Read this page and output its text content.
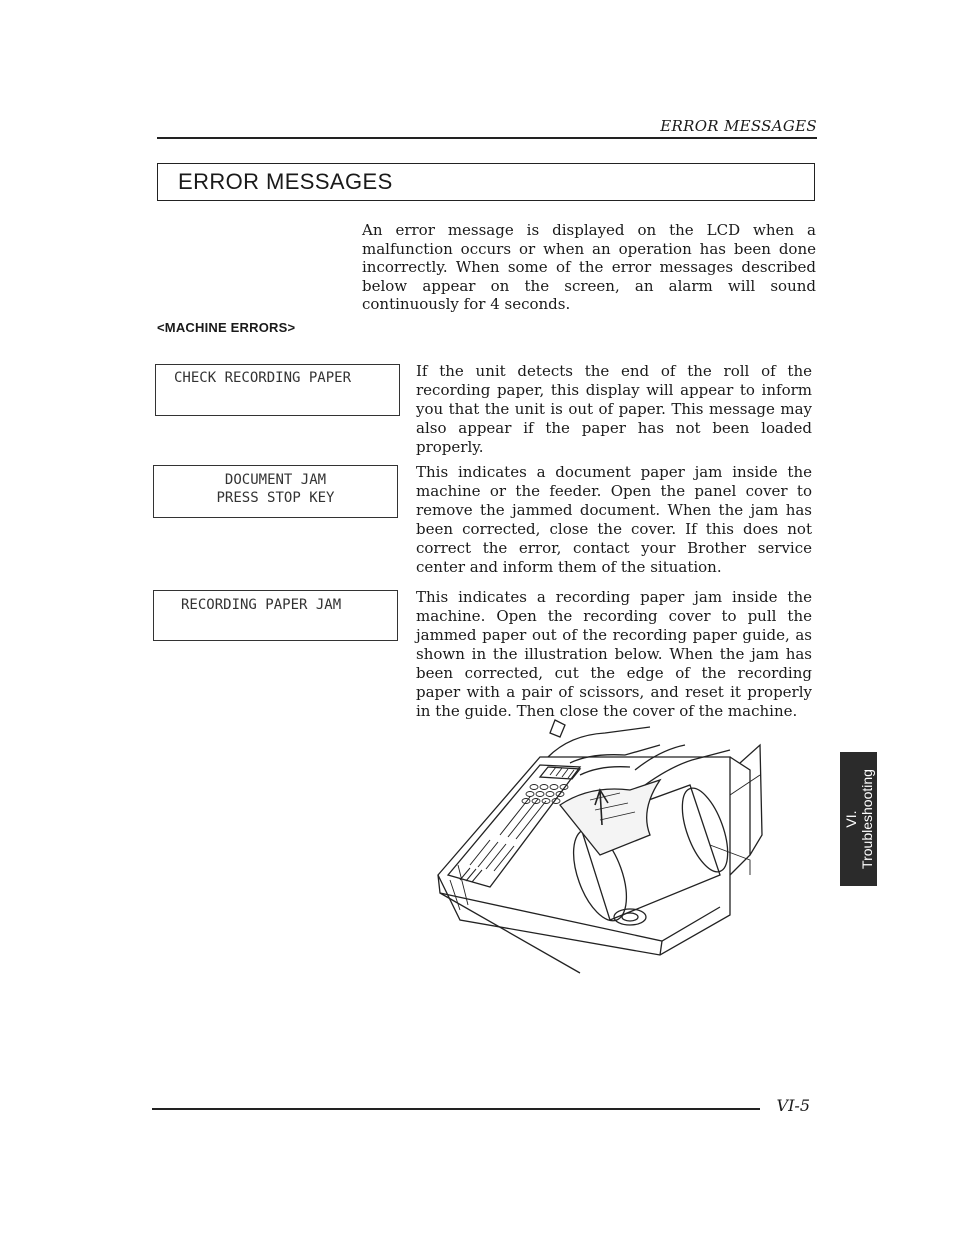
ERROR MESSAGES
ERROR MESSAGES
An error message is displayed on the LCD when a malfunction occurs or when an operation has been done incorrectly. When some of the error messages described below appear on the screen, an alarm will sound continuously for 4 seconds.
<MACHINE ERRORS>
CHECK RECORDING PAPER	If the unit detects the end of the roll of the recording paper, this display will appear to inform you that the unit is out of paper. This message may also appear if the paper has not been loaded properly.
DOCUMENT JAM
PRESS STOP KEY
This indicates a document paper jam inside the machine or the feeder. Open the panel cover to remove the jammed document. When the jam has been corrected, close the cover. If this does not correct the error, contact your Brother service center and inform them of the situation.
RECORDING PAPER JAM	This indicates a recording paper jam inside the machine. Open the recording cover to pull the jammed paper out of the recording paper guide, as shown in the illustration below. When the jam has been corrected, cut the edge of the recording paper with a pair of scissors, and reset it properly in the guide. Then close the cover of the machine.
VI. Troubleshooting
VI-5
